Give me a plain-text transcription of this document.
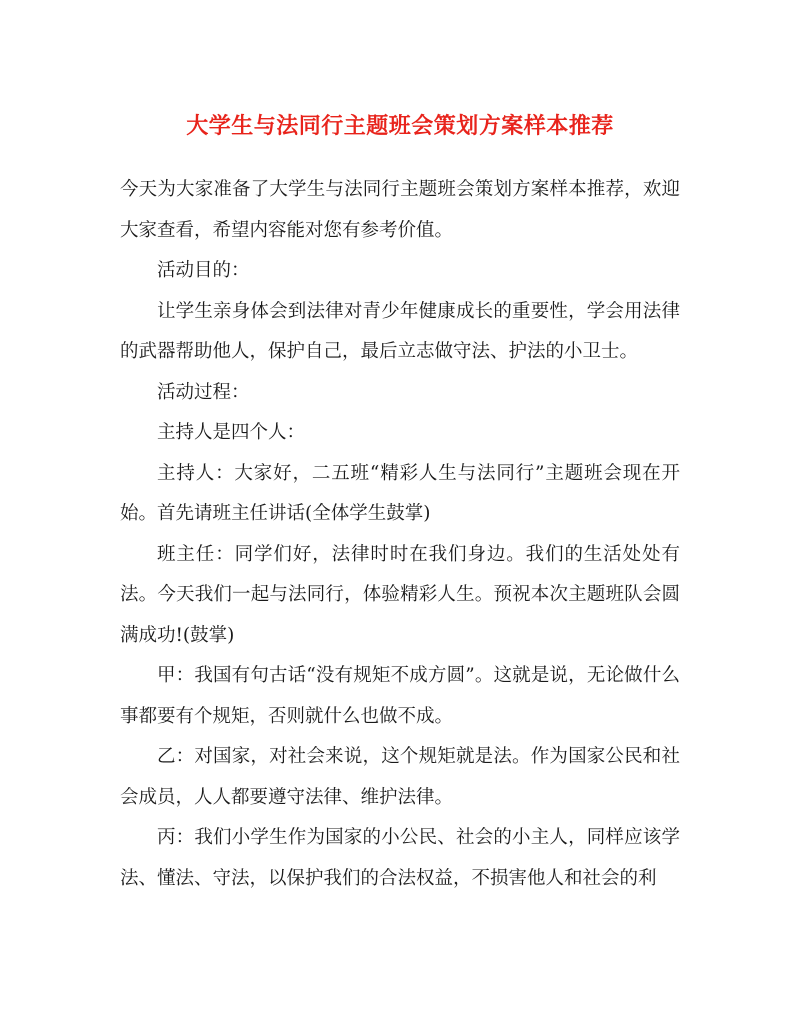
大学生与法同行主题班会策划方案样本推荐

今天为大家准备了大学生与法同行主题班会策划方案样本推荐，欢迎大家查看，希望内容能对您有参考价值。

活动目的：

让学生亲身体会到法律对青少年健康成长的重要性，学会用法律的武器帮助他人，保护自己，最后立志做守法、护法的小卫士。

活动过程：

主持人是四个人：

主持人：大家好，二五班“精彩人生与法同行”主题班会现在开始。首先请班主任讲话(全体学生鼓掌)

班主任：同学们好，法律时时在我们身边。我们的生活处处有法。今天我们一起与法同行，体验精彩人生。预祝本次主题班队会圆满成功!(鼓掌)

甲：我国有句古话“没有规矩不成方圆”。这就是说，无论做什么事都要有个规矩，否则就什么也做不成。

乙：对国家，对社会来说，这个规矩就是法。作为国家公民和社会成员，人人都要遵守法律、维护法律。

丙：我们小学生作为国家的小公民、社会的小主人，同样应该学法、懂法、守法，以保护我们的合法权益，不损害他人和社会的利
